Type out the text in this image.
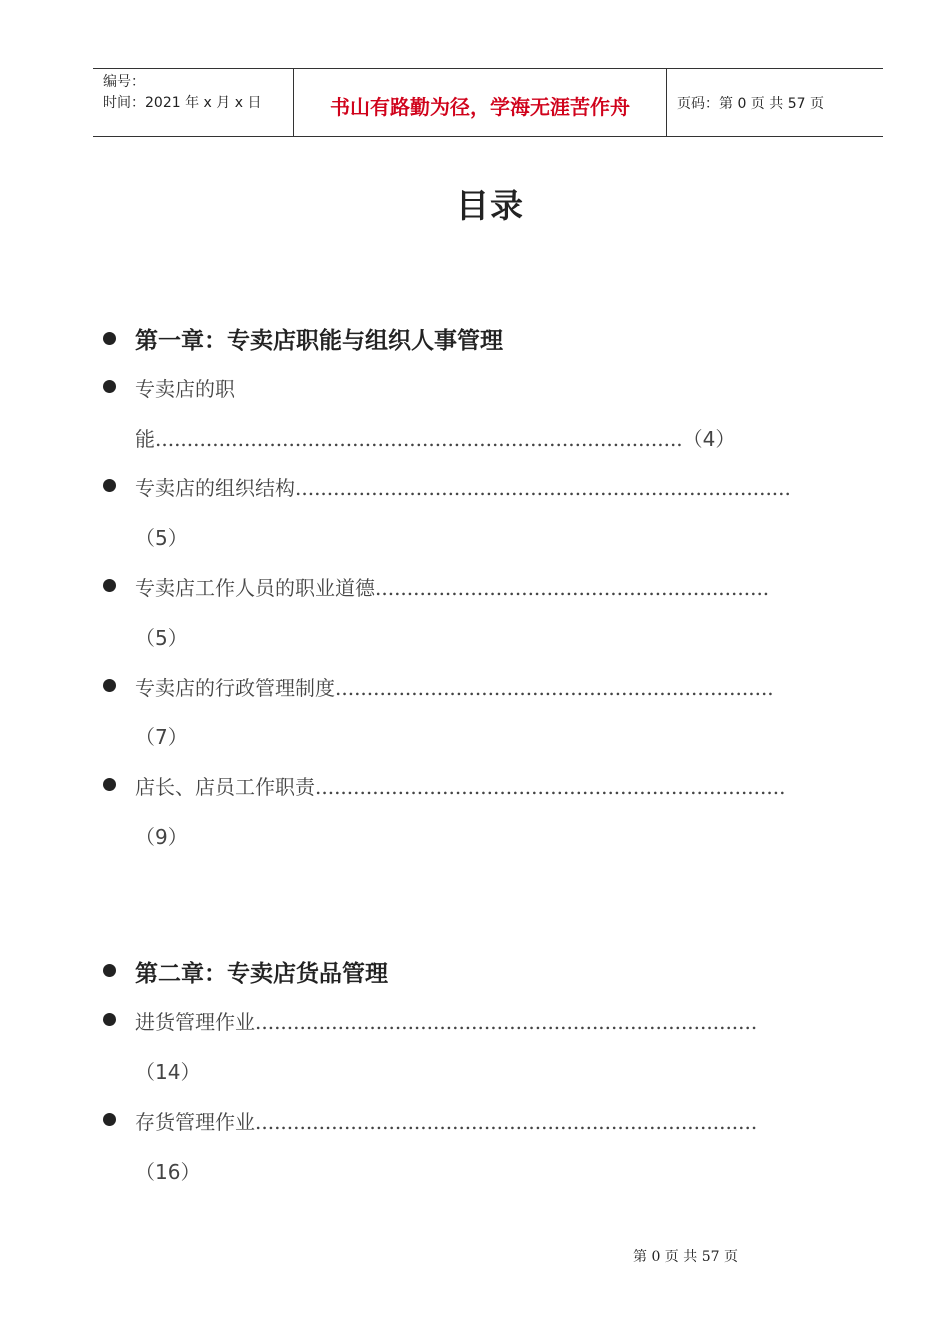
编号：
时间：2021 年 x 月 x 日	书山有路勤为径，学海无涯苦作舟	页码：第 0 页 共 57 页
目录
第一章：专卖店职能与组织人事管理
专卖店的职
能...................................................................................（4）
专卖店的组织结构..............................................................................
（5）
专卖店工作人员的职业道德..............................................................
（5）
专卖店的行政管理制度.....................................................................
（7）
店长、店员工作职责..........................................................................
（9）
第二章：专卖店货品管理
进货管理作业...............................................................................
（14）
存货管理作业...............................................................................
（16）
第 0 页 共 57 页
